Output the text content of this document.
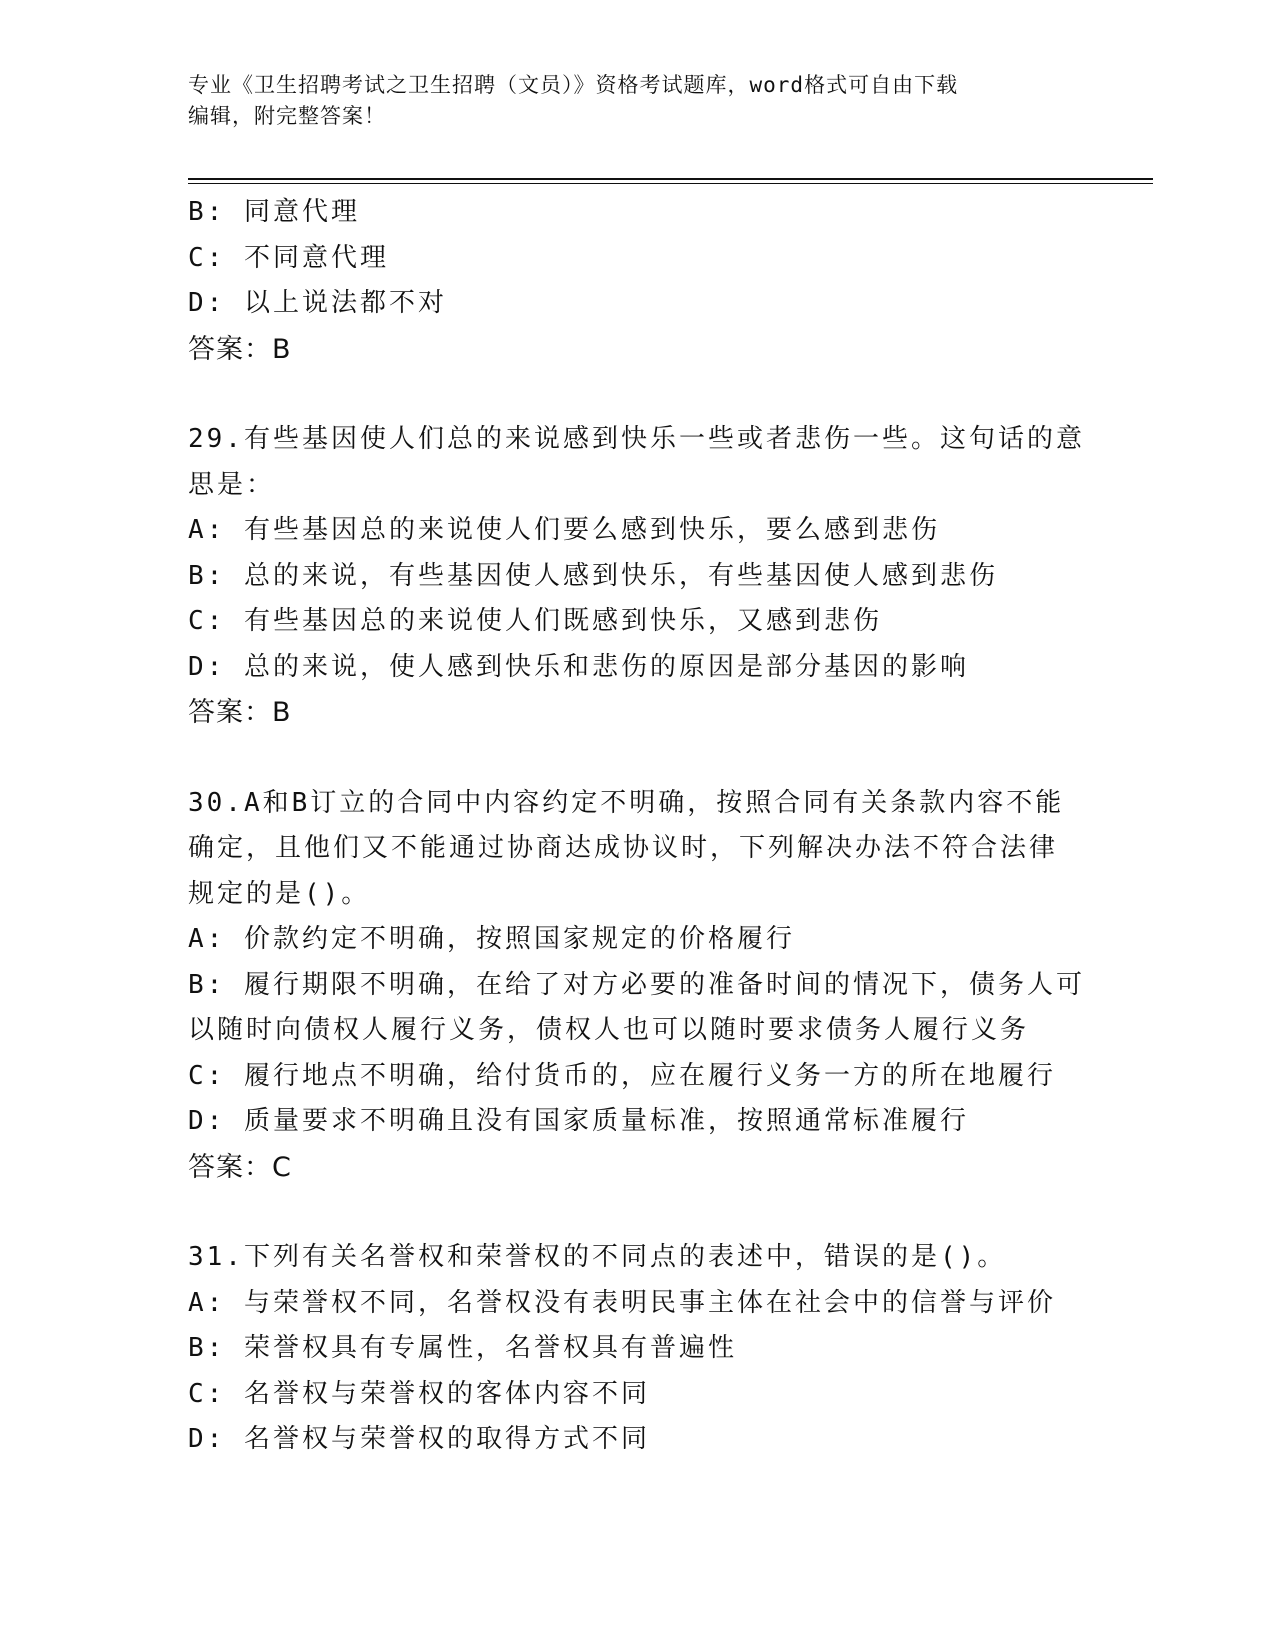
专业《卫生招聘考试之卫生招聘（文员）》资格考试题库，word格式可自由下载
编辑，附完整答案！
B: 同意代理
C: 不同意代理
D: 以上说法都不对
答案：B
29.有些基因使人们总的来说感到快乐一些或者悲伤一些。这句话的意
思是：
A: 有些基因总的来说使人们要么感到快乐，要么感到悲伤
B: 总的来说，有些基因使人感到快乐，有些基因使人感到悲伤
C: 有些基因总的来说使人们既感到快乐，又感到悲伤
D: 总的来说，使人感到快乐和悲伤的原因是部分基因的影响
答案：B
30.A和B订立的合同中内容约定不明确，按照合同有关条款内容不能
确定，且他们又不能通过协商达成协议时，下列解决办法不符合法律
规定的是()。
A: 价款约定不明确，按照国家规定的价格履行
B: 履行期限不明确，在给了对方必要的准备时间的情况下，债务人可
以随时向债权人履行义务，债权人也可以随时要求债务人履行义务
C: 履行地点不明确，给付货币的，应在履行义务一方的所在地履行
D: 质量要求不明确且没有国家质量标准，按照通常标准履行
答案：C
31.下列有关名誉权和荣誉权的不同点的表述中，错误的是()。
A: 与荣誉权不同，名誉权没有表明民事主体在社会中的信誉与评价
B: 荣誉权具有专属性，名誉权具有普遍性
C: 名誉权与荣誉权的客体内容不同
D: 名誉权与荣誉权的取得方式不同
